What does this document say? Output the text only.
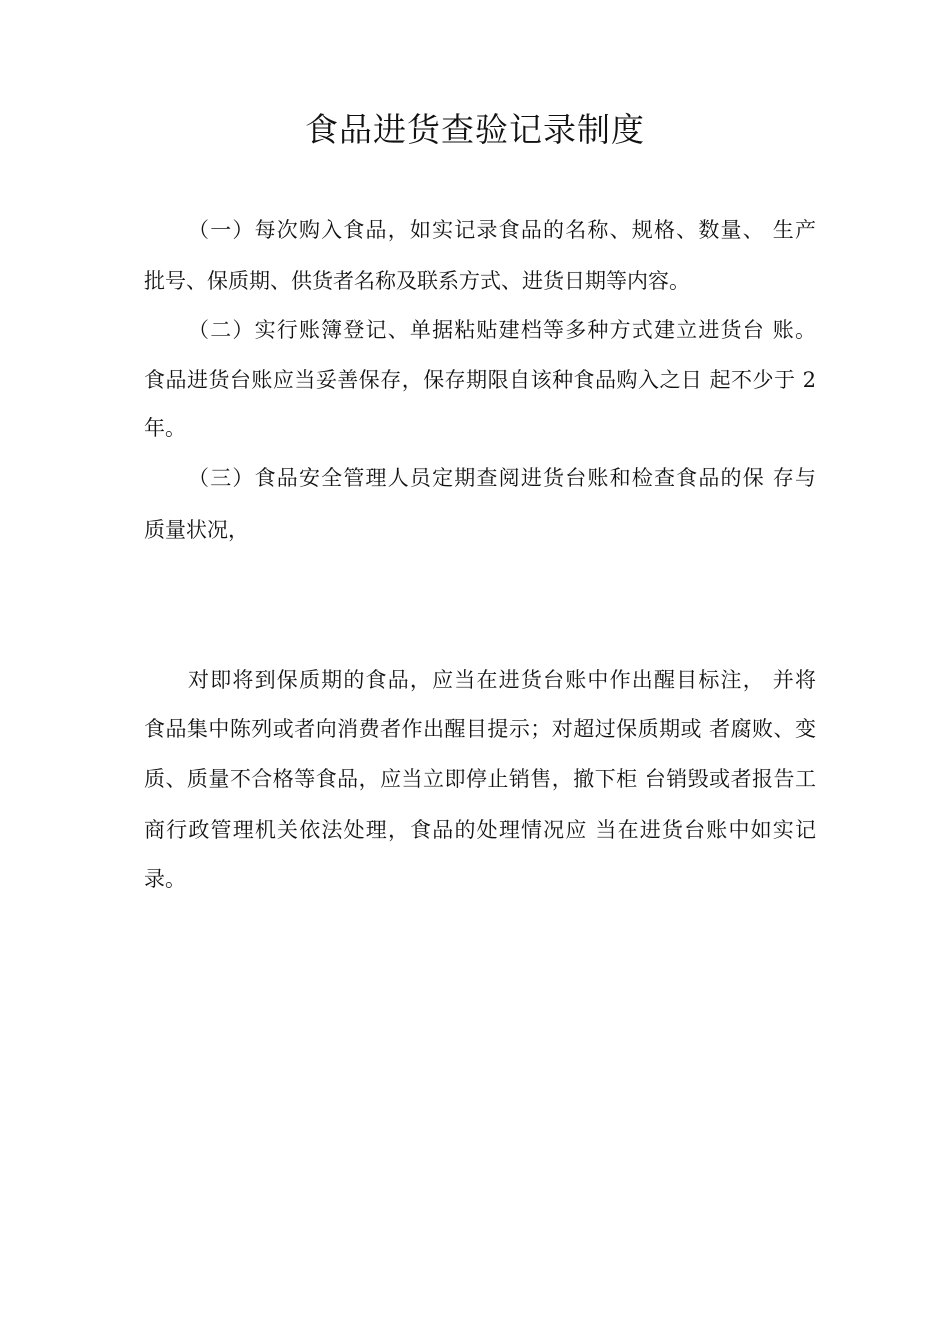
食品进货查验记录制度

（一）每次购入食品，如实记录食品的名称、规格、数量、 生产

批号、保质期、供货者名称及联系方式、进货日期等内容。

（二）实行账簿登记、单据粘贴建档等多种方式建立进货台 账。

食品进货台账应当妥善保存，保存期限自该种食品购入之日 起不少于 2

年。

（三）食品安全管理人员定期查阅进货台账和检查食品的保 存与

质量状况，

对即将到保质期的食品，应当在进货台账中作出醒目标注， 并将

食品集中陈列或者向消费者作出醒目提示；对超过保质期或 者腐败、变

质、质量不合格等食品，应当立即停止销售，撤下柜 台销毁或者报告工

商行政管理机关依法处理，食品的处理情况应 当在进货台账中如实记

录。
